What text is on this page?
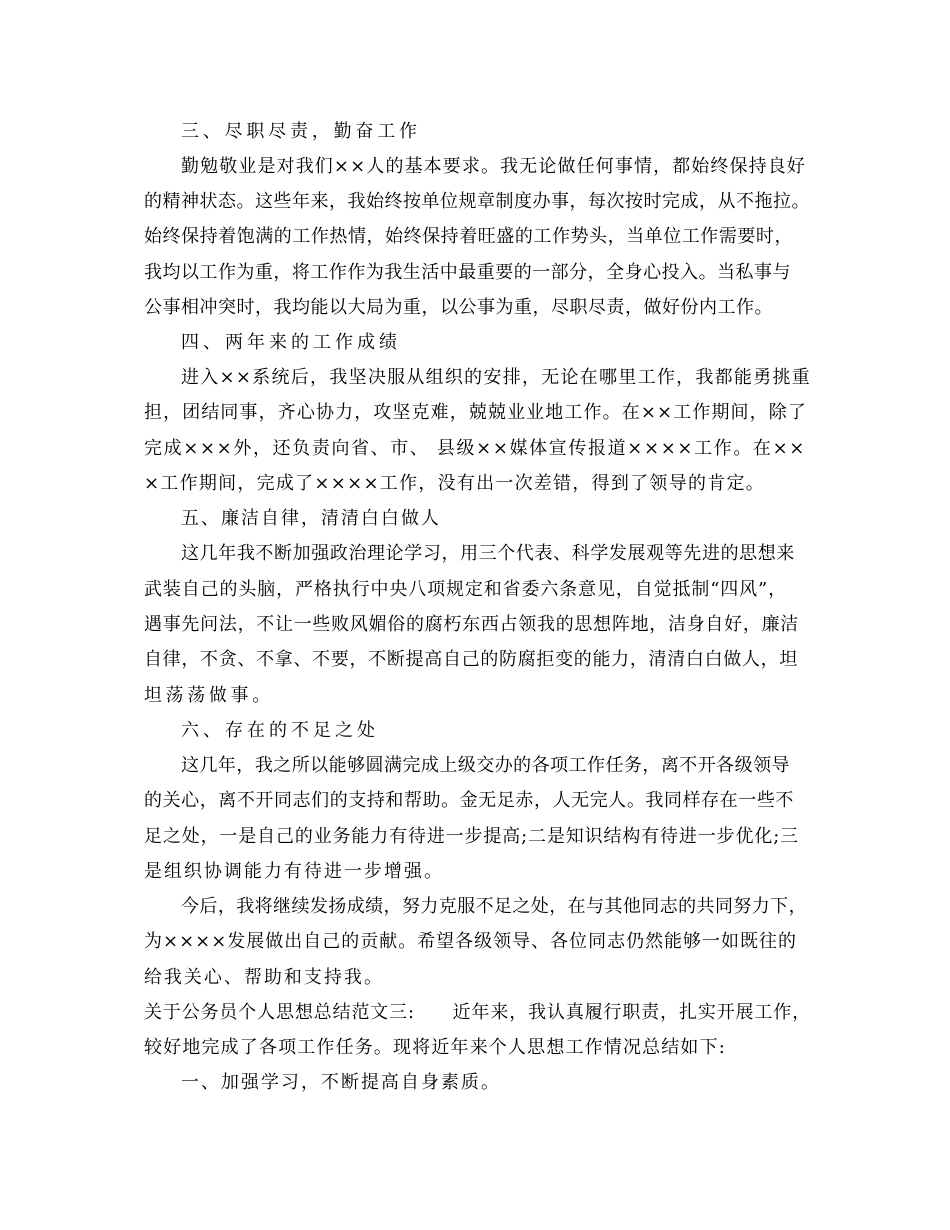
三、尽职尽责，勤奋工作
勤勉敬业是对我们××人的基本要求。我无论做任何事情，都始终保持良好
的精神状态。这些年来，我始终按单位规章制度办事，每次按时完成，从不拖拉。
始终保持着饱满的工作热情，始终保持着旺盛的工作势头，当单位工作需要时，
我均以工作为重，将工作作为我生活中最重要的一部分，全身心投入。当私事与
公事相冲突时，我均能以大局为重，以公事为重，尽职尽责，做好份内工作。
四、两年来的工作成绩
进入××系统后，我坚决服从组织的安排，无论在哪里工作，我都能勇挑重
担，团结同事，齐心协力，攻坚克难，兢兢业业地工作。在××工作期间，除了
完成×××外，还负责向省、市、 县级××媒体宣传报道××××工作。在××
×工作期间，完成了××××工作，没有出一次差错，得到了领导的肯定。
五、廉洁自律，清清白白做人
这几年我不断加强政治理论学习，用三个代表、科学发展观等先进的思想来
武装自己的头脑，严格执行中央八项规定和省委六条意见，自觉抵制“四风”，
遇事先问法，不让一些败风媚俗的腐朽东西占领我的思想阵地，洁身自好，廉洁
自律，不贪、不拿、不要，不断提高自己的防腐拒变的能力，清清白白做人，坦
坦荡荡做事。
六、存在的不足之处
这几年，我之所以能够圆满完成上级交办的各项工作任务，离不开各级领导
的关心，离不开同志们的支持和帮助。金无足赤，人无完人。我同样存在一些不
足之处，一是自己的业务能力有待进一步提高;二是知识结构有待进一步优化;三
是组织协调能力有待进一步增强。
今后，我将继续发扬成绩，努力克服不足之处，在与其他同志的共同努力下，
为××××发展做出自己的贡献。希望各级领导、各位同志仍然能够一如既往的
给我关心、帮助和支持我。
关于公务员个人思想总结范文三:　　近年来，我认真履行职责，扎实开展工作，
较好地完成了各项工作任务。现将近年来个人思想工作情况总结如下:
一、加强学习，不断提高自身素质。
